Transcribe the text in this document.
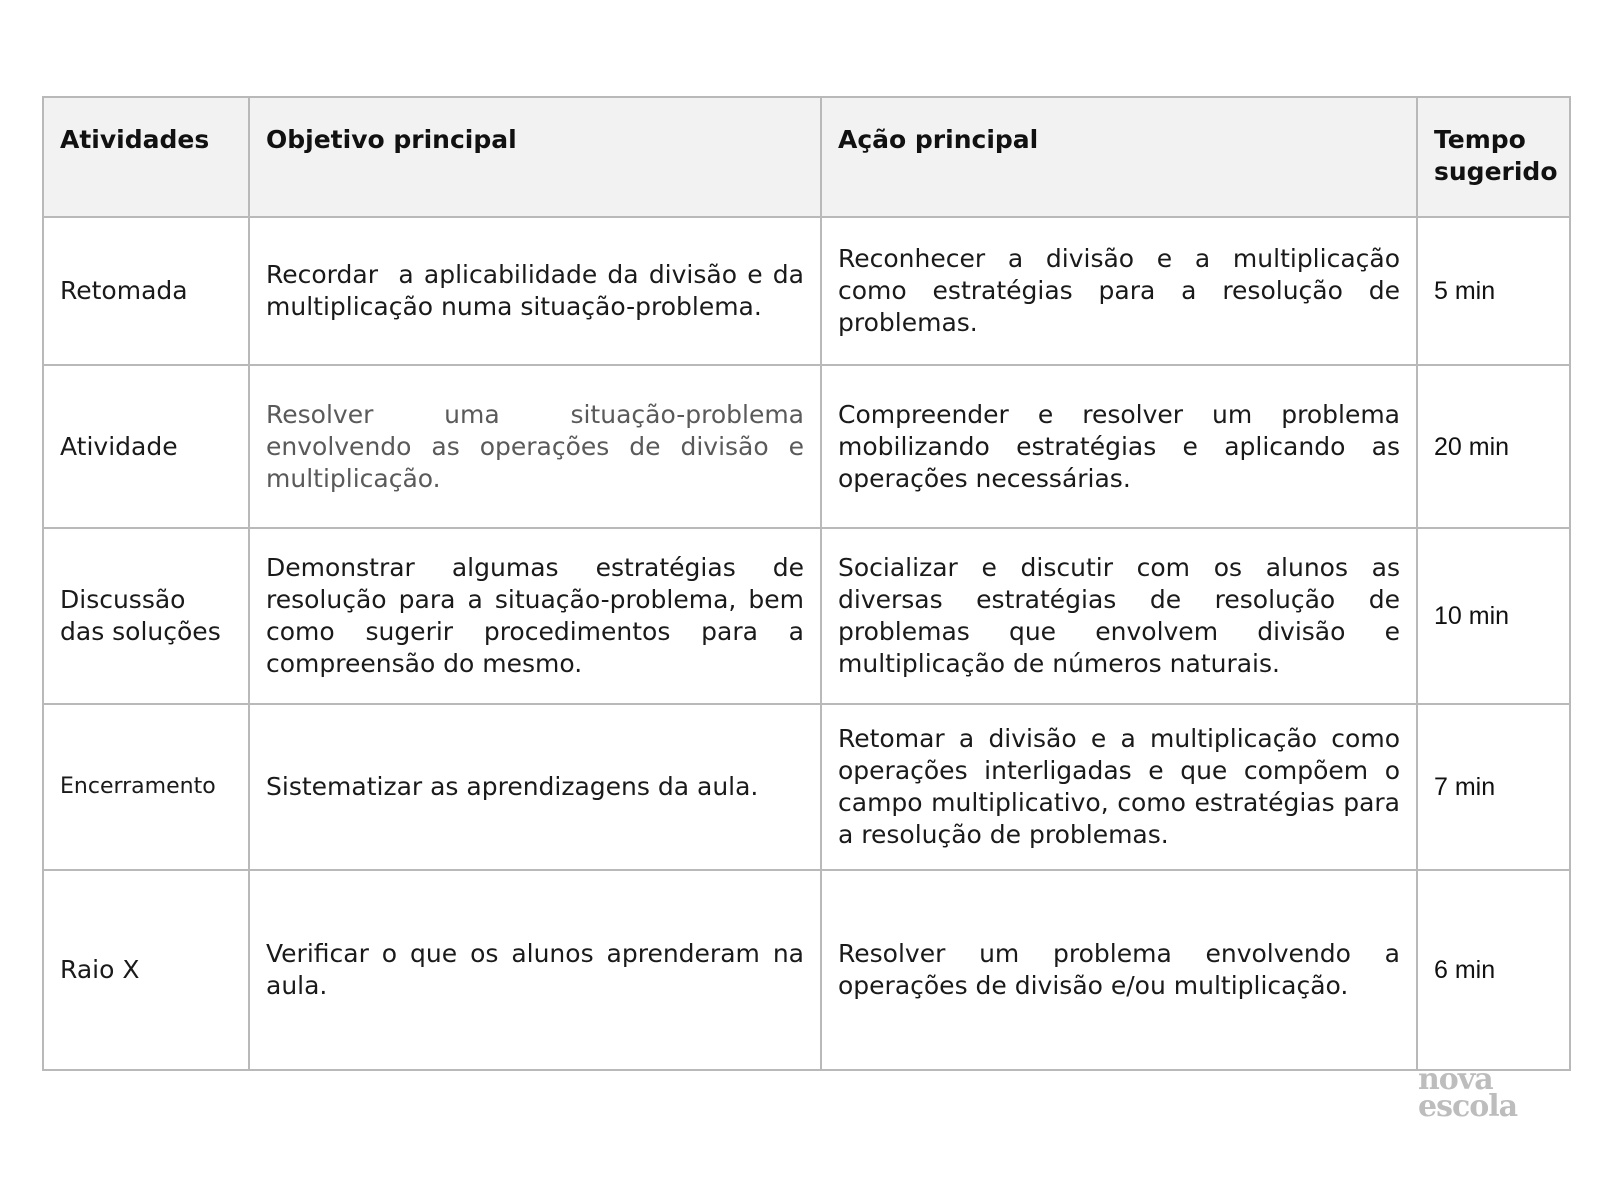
Atividades	Objetivo principal	Ação principal	Tempo sugerido
Retomada	Recordar  a aplicabilidade da divisão e da multiplicação numa situação-problema.	Reconhecer a divisão e a multiplicação como estratégias para a resolução de problemas.	5 min
Atividade	Resolver uma situação-problema envolvendo as operações de divisão e multiplicação.	Compreender e resolver um problema mobilizando estratégias e aplicando as operações necessárias.	20 min
Discussão das soluções	Demonstrar algumas estratégias de resolução para a situação-problema, bem como sugerir procedimentos para a compreensão do mesmo.	Socializar e discutir com os alunos as diversas estratégias de resolução de problemas que envolvem divisão e multiplicação de números naturais.	10 min
Encerramento	Sistematizar as aprendizagens da aula.	Retomar a divisão e a multiplicação como operações interligadas e que compõem o campo multiplicativo, como estratégias para a resolução de problemas.	7 min
Raio X	Verificar o que os alunos aprenderam na aula.	Resolver um problema envolvendo a operações de divisão e/ou multiplicação.	6 min
nova
escola
